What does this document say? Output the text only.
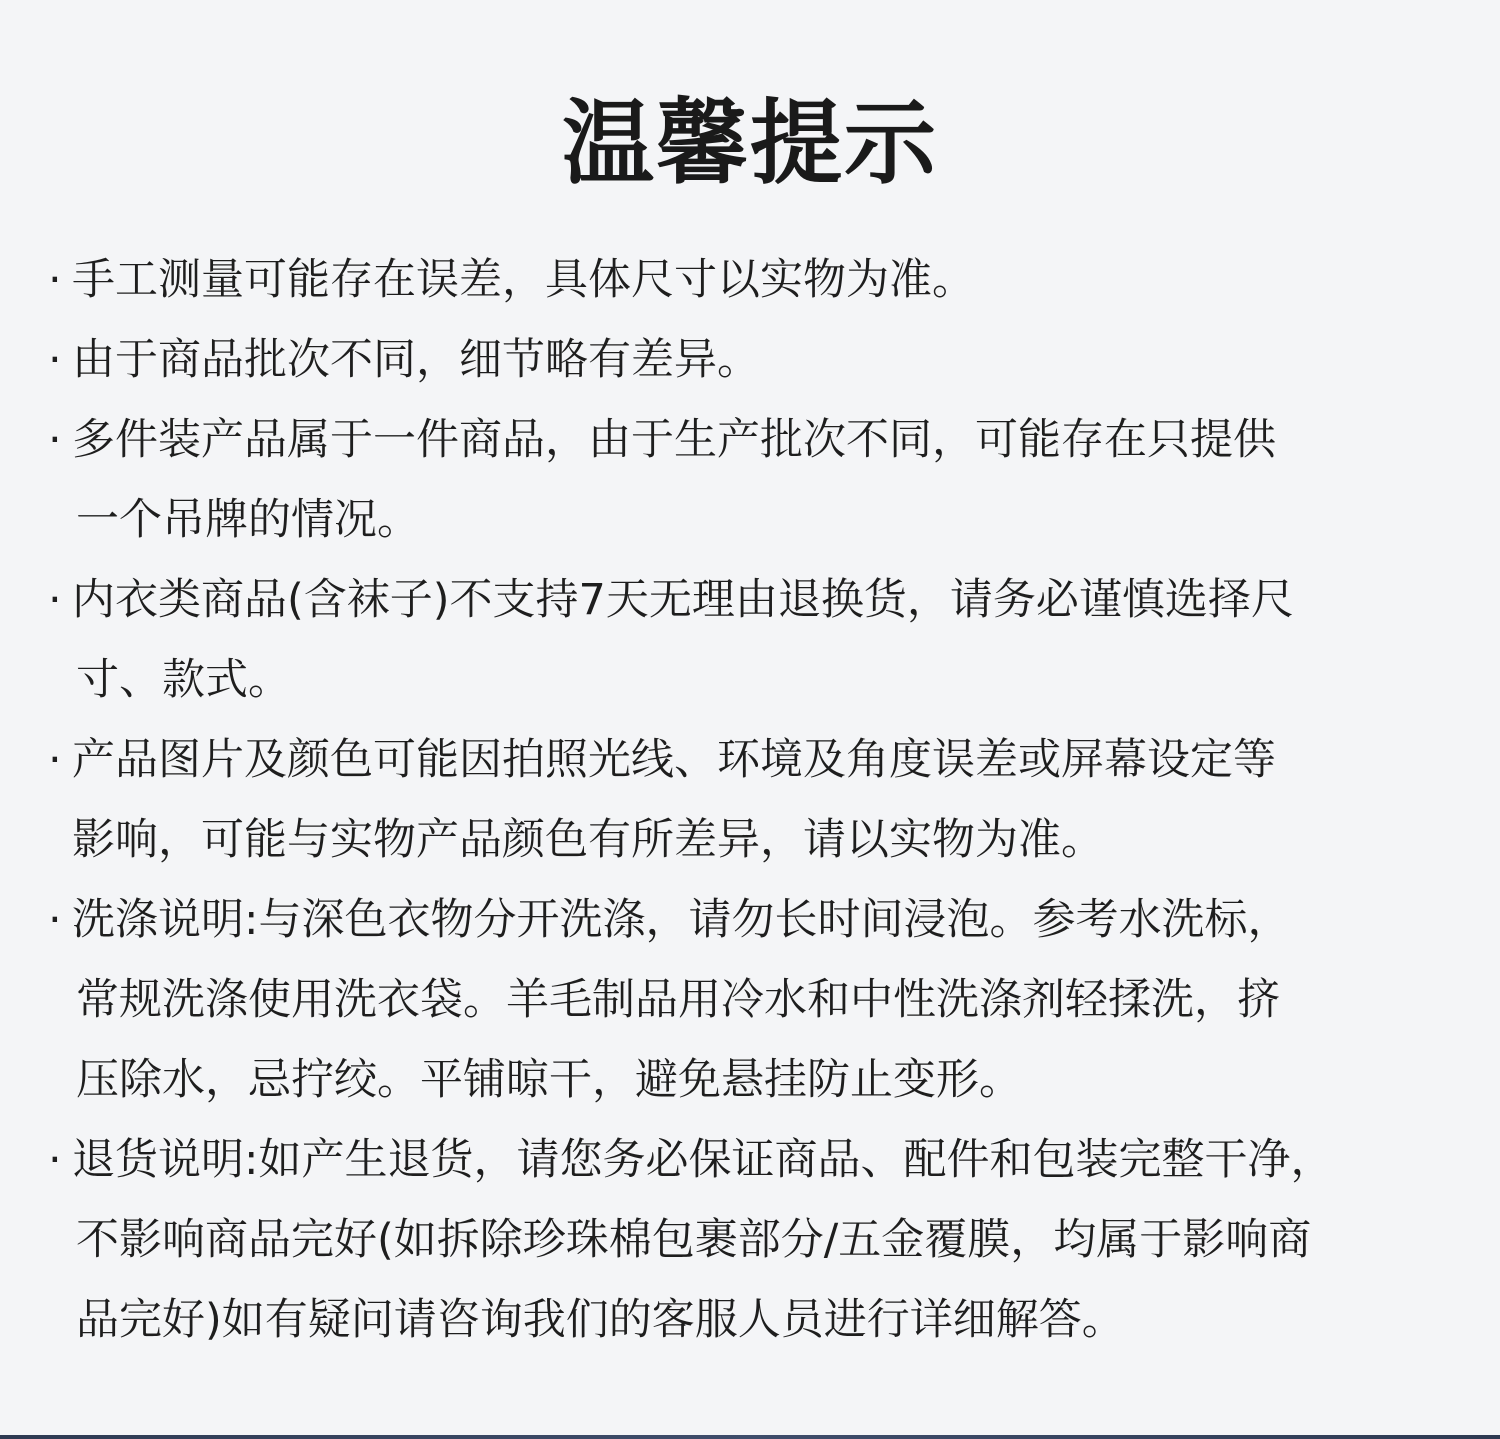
温馨提示
· 手工测量可能存在误差，具体尺寸以实物为准。
· 由于商品批次不同，细节略有差异。
· 多件装产品属于一件商品，由于生产批次不同，可能存在只提供
一个吊牌的情况。
· 内衣类商品(含袜子)不支持7天无理由退换货，请务必谨慎选择尺
寸、款式。
· 产品图片及颜色可能因拍照光线、环境及角度误差或屏幕设定等
影响，可能与实物产品颜色有所差异，请以实物为准。
· 洗涤说明:与深色衣物分开洗涤，请勿长时间浸泡。参考水洗标，
常规洗涤使用洗衣袋。羊毛制品用冷水和中性洗涤剂轻揉洗，挤
压除水，忌拧绞。平铺晾干，避免悬挂防止变形。
· 退货说明:如产生退货，请您务必保证商品、配件和包装完整干净，
不影响商品完好(如拆除珍珠棉包裹部分/五金覆膜，均属于影响商
品完好)如有疑问请咨询我们的客服人员进行详细解答。
